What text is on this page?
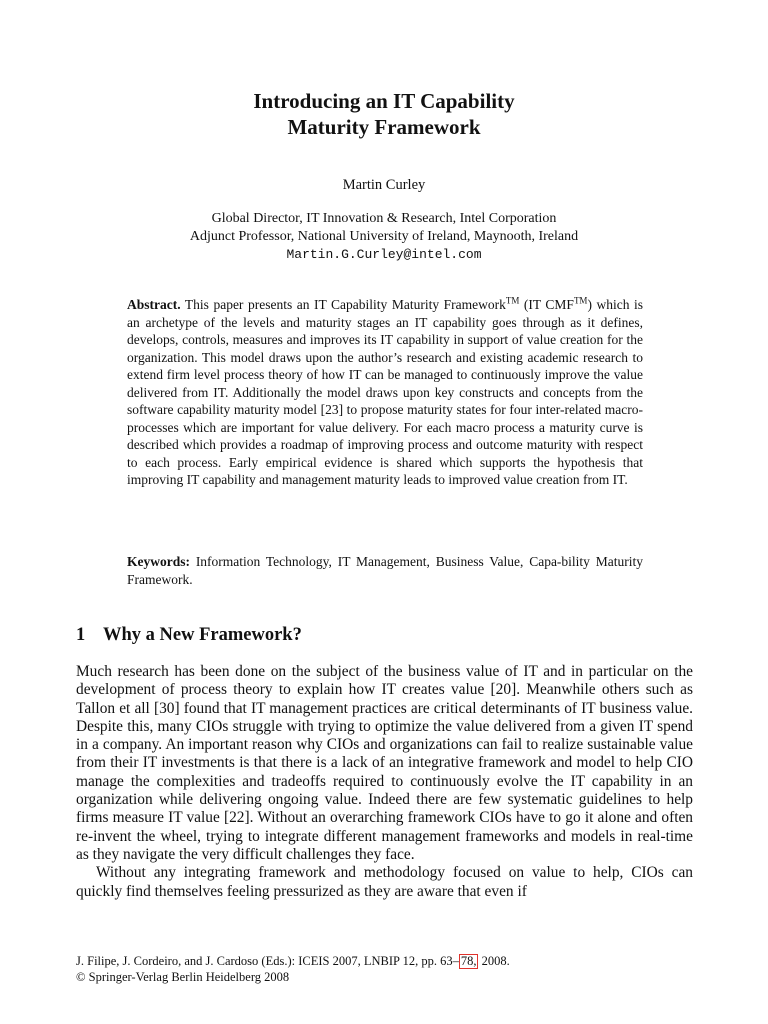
Introducing an IT Capability
Maturity Framework
Martin Curley
Global Director, IT Innovation & Research, Intel Corporation
Adjunct Professor, National University of Ireland, Maynooth, Ireland
Martin.G.Curley@intel.com
Abstract. This paper presents an IT Capability Maturity Framework™ (IT CMF™) which is an archetype of the levels and maturity stages an IT capability goes through as it defines, develops, controls, measures and improves its IT capability in support of value creation for the organization. This model draws upon the author’s research and existing academic research to extend firm level process theory of how IT can be managed to continuously improve the value delivered from IT. Additionally the model draws upon key constructs and concepts from the software capability maturity model [23] to propose maturity states for four inter-related macro-processes which are important for value delivery. For each macro process a maturity curve is described which provides a roadmap of improving process and outcome maturity with respect to each process. Early empirical evidence is shared which supports the hypothesis that improving IT capability and management maturity leads to improved value creation from IT.
Keywords: Information Technology, IT Management, Business Value, Capa-bility Maturity Framework.
1 Why a New Framework?

Much research has been done on the subject of the business value of IT and in particular on the development of process theory to explain how IT creates value [20]. Meanwhile others such as Tallon et all [30] found that IT management practices are critical determinants of IT business value. Despite this, many CIOs struggle with trying to optimize the value delivered from a given IT spend in a company. An important reason why CIOs and organizations can fail to realize sustainable value from their IT investments is that there is a lack of an integrative framework and model to help CIO manage the complexities and tradeoffs required to continuously evolve the IT capability in an organization while delivering ongoing value. Indeed there are few systematic guidelines to help firms measure IT value [22]. Without an overarching framework CIOs have to go it alone and often re-invent the wheel, trying to integrate different management frameworks and models in real-time as they navigate the very difficult challenges they face.

Without any integrating framework and methodology focused on value to help, CIOs can quickly find themselves feeling pressurized as they are aware that even if

J. Filipe, J. Cordeiro, and J. Cardoso (Eds.): ICEIS 2007, LNBIP 12, pp. 63– 78, 2008.
© Springer-Verlag Berlin Heidelberg 2008
